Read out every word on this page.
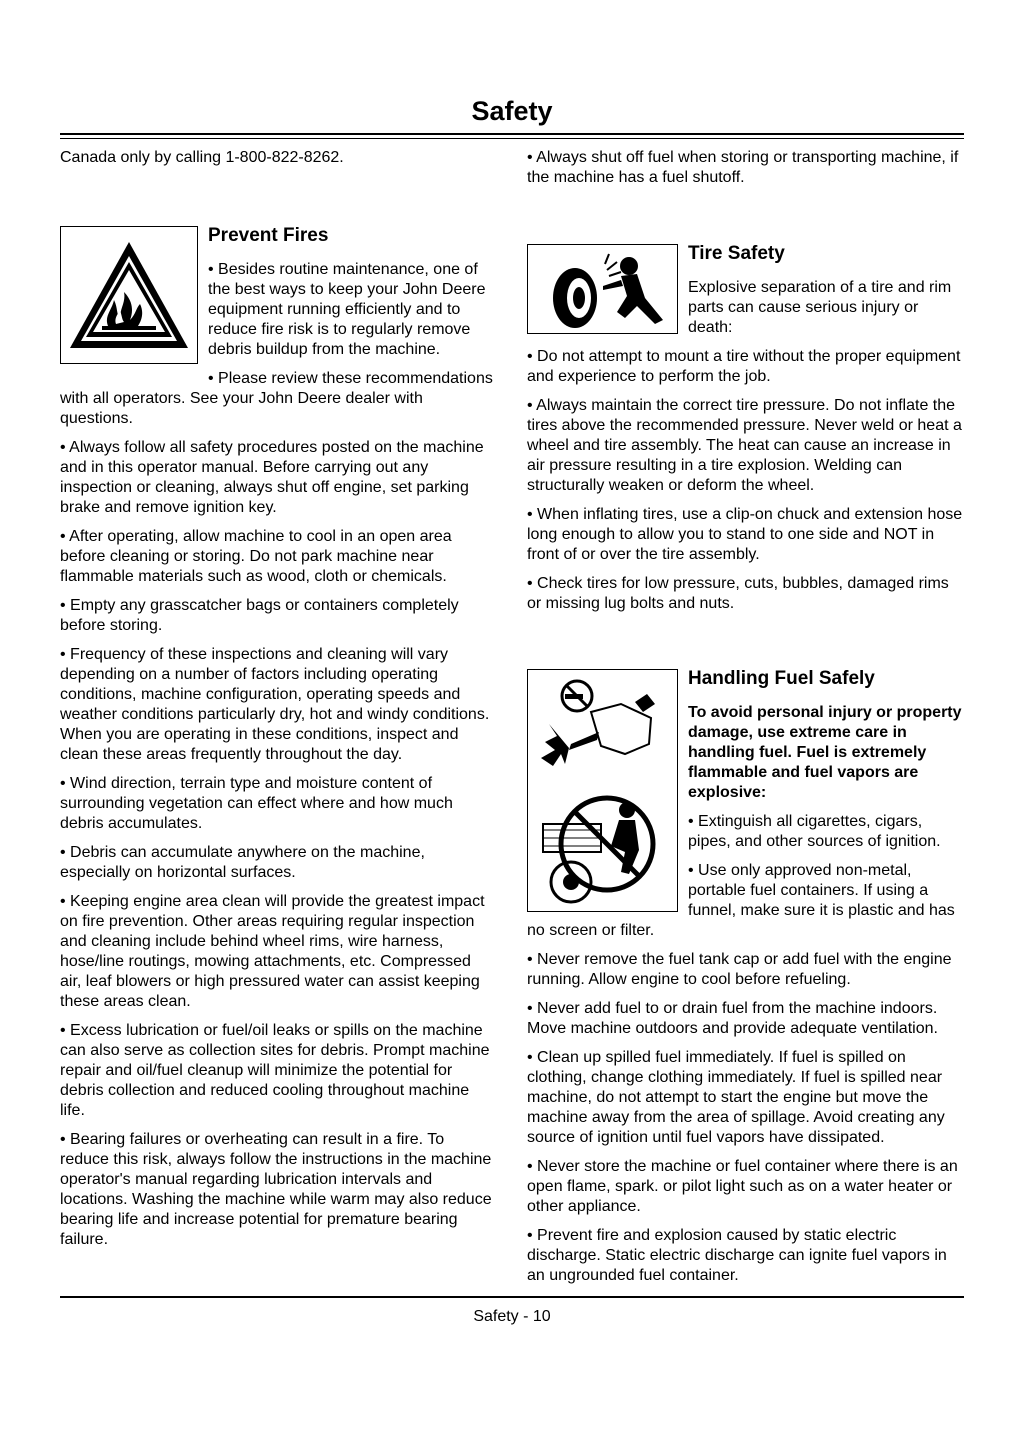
Safety

Canada only by calling 1-800-822-8262.

Prevent Fires

• Besides routine maintenance, one of the best ways to keep your John Deere equipment running efficiently and to reduce fire risk is to regularly remove debris buildup from the machine.

• Please review these recommendations with all operators. See your John Deere dealer with questions.

• Always follow all safety procedures posted on the machine and in this operator manual. Before carrying out any inspection or cleaning, always shut off engine, set parking brake and remove ignition key.

• After operating, allow machine to cool in an open area before cleaning or storing. Do not park machine near flammable materials such as wood, cloth or chemicals.

• Empty any grasscatcher bags or containers completely before storing.

• Frequency of these inspections and cleaning will vary depending on a number of factors including operating conditions, machine configuration, operating speeds and weather conditions particularly dry, hot and windy conditions. When you are operating in these conditions, inspect and clean these areas frequently throughout the day.

• Wind direction, terrain type and moisture content of surrounding vegetation can effect where and how much debris accumulates.

• Debris can accumulate anywhere on the machine, especially on horizontal surfaces.

• Keeping engine area clean will provide the greatest impact on fire prevention. Other areas requiring regular inspection and cleaning include behind wheel rims, wire harness, hose/line routings, mowing attachments, etc. Compressed air, leaf blowers or high pressured water can assist keeping these areas clean.

• Excess lubrication or fuel/oil leaks or spills on the machine can also serve as collection sites for debris. Prompt machine repair and oil/fuel cleanup will minimize the potential for debris collection and reduced cooling throughout machine life.

• Bearing failures or overheating can result in a fire. To reduce this risk, always follow the instructions in the machine operator's manual regarding lubrication intervals and locations. Washing the machine while warm may also reduce bearing life and increase potential for premature bearing failure.

• Always shut off fuel when storing or transporting machine, if the machine has a fuel shutoff.

Tire Safety

Explosive separation of a tire and rim parts can cause serious injury or death:

• Do not attempt to mount a tire without the proper equipment and experience to perform the job.

• Always maintain the correct tire pressure. Do not inflate the tires above the recommended pressure. Never weld or heat a wheel and tire assembly. The heat can cause an increase in air pressure resulting in a tire explosion. Welding can structurally weaken or deform the wheel.

• When inflating tires, use a clip-on chuck and extension hose long enough to allow you to stand to one side and NOT in front of or over the tire assembly.

• Check tires for low pressure, cuts, bubbles, damaged rims or missing lug bolts and nuts.

Handling Fuel Safely

To avoid personal injury or property damage, use extreme care in handling fuel. Fuel is extremely flammable and fuel vapors are explosive:

• Extinguish all cigarettes, cigars, pipes, and other sources of ignition.

• Use only approved non-metal, portable fuel containers. If using a funnel, make sure it is plastic and has no screen or filter.

• Never remove the fuel tank cap or add fuel with the engine running. Allow engine to cool before refueling.

• Never add fuel to or drain fuel from the machine indoors. Move machine outdoors and provide adequate ventilation.

• Clean up spilled fuel immediately. If fuel is spilled on clothing, change clothing immediately. If fuel is spilled near machine, do not attempt to start the engine but move the machine away from the area of spillage. Avoid creating any source of ignition until fuel vapors have dissipated.

• Never store the machine or fuel container where there is an open flame, spark. or pilot light such as on a water heater or other appliance.

• Prevent fire and explosion caused by static electric discharge. Static electric discharge can ignite fuel vapors in an ungrounded fuel container.

Safety - 10
